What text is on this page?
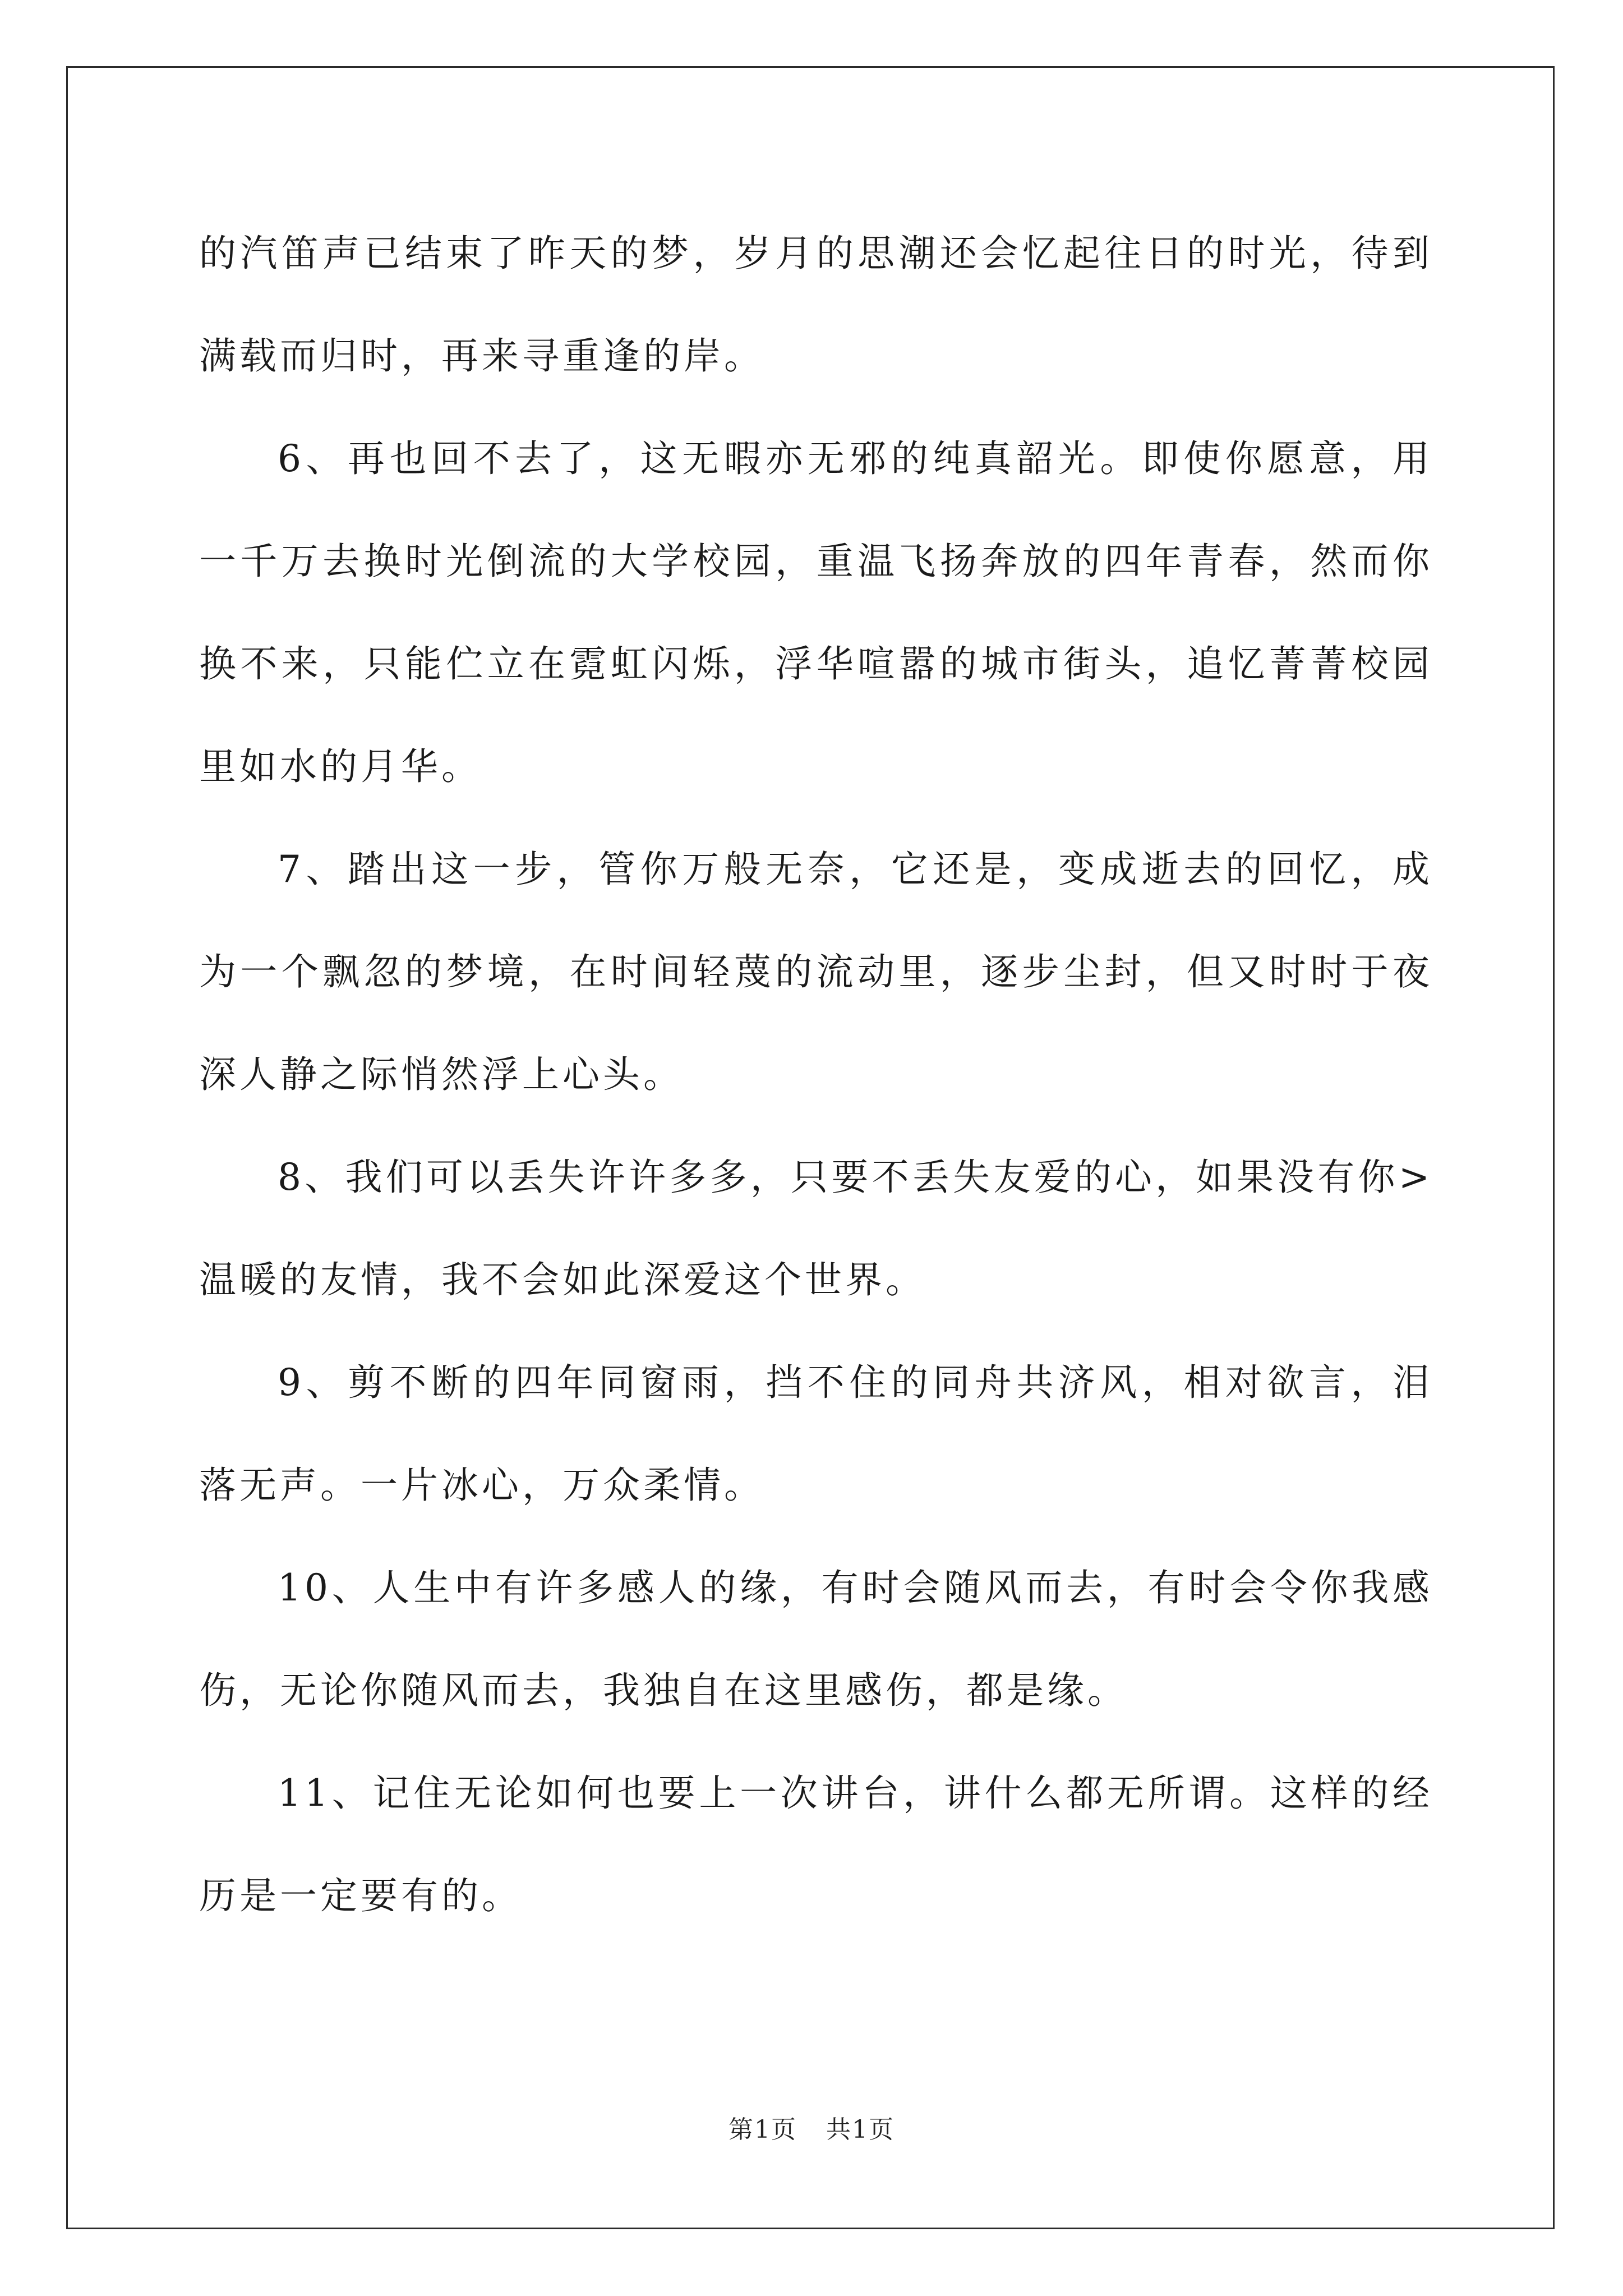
的汽笛声已结束了昨天的梦，岁月的思潮还会忆起往日的时光，待到满载而归时，再来寻重逢的岸。

6、再也回不去了，这无暇亦无邪的纯真韶光。即使你愿意，用一千万去换时光倒流的大学校园，重温飞扬奔放的四年青春，然而你换不来，只能伫立在霓虹闪烁，浮华喧嚣的城市街头，追忆菁菁校园里如水的月华。

7、踏出这一步，管你万般无奈，它还是，变成逝去的回忆，成为一个飘忽的梦境，在时间轻蔑的流动里，逐步尘封，但又时时于夜深人静之际悄然浮上心头。

8、我们可以丢失许许多多，只要不丢失友爱的心，如果没有你>温暖的友情，我不会如此深爱这个世界。

9、剪不断的四年同窗雨，挡不住的同舟共济风，相对欲言，泪落无声。一片冰心，万众柔情。

10、人生中有许多感人的缘，有时会随风而去，有时会令你我感伤，无论你随风而去，我独自在这里感伤，都是缘。

11、记住无论如何也要上一次讲台，讲什么都无所谓。这样的经历是一定要有的。

第1页 共1页
